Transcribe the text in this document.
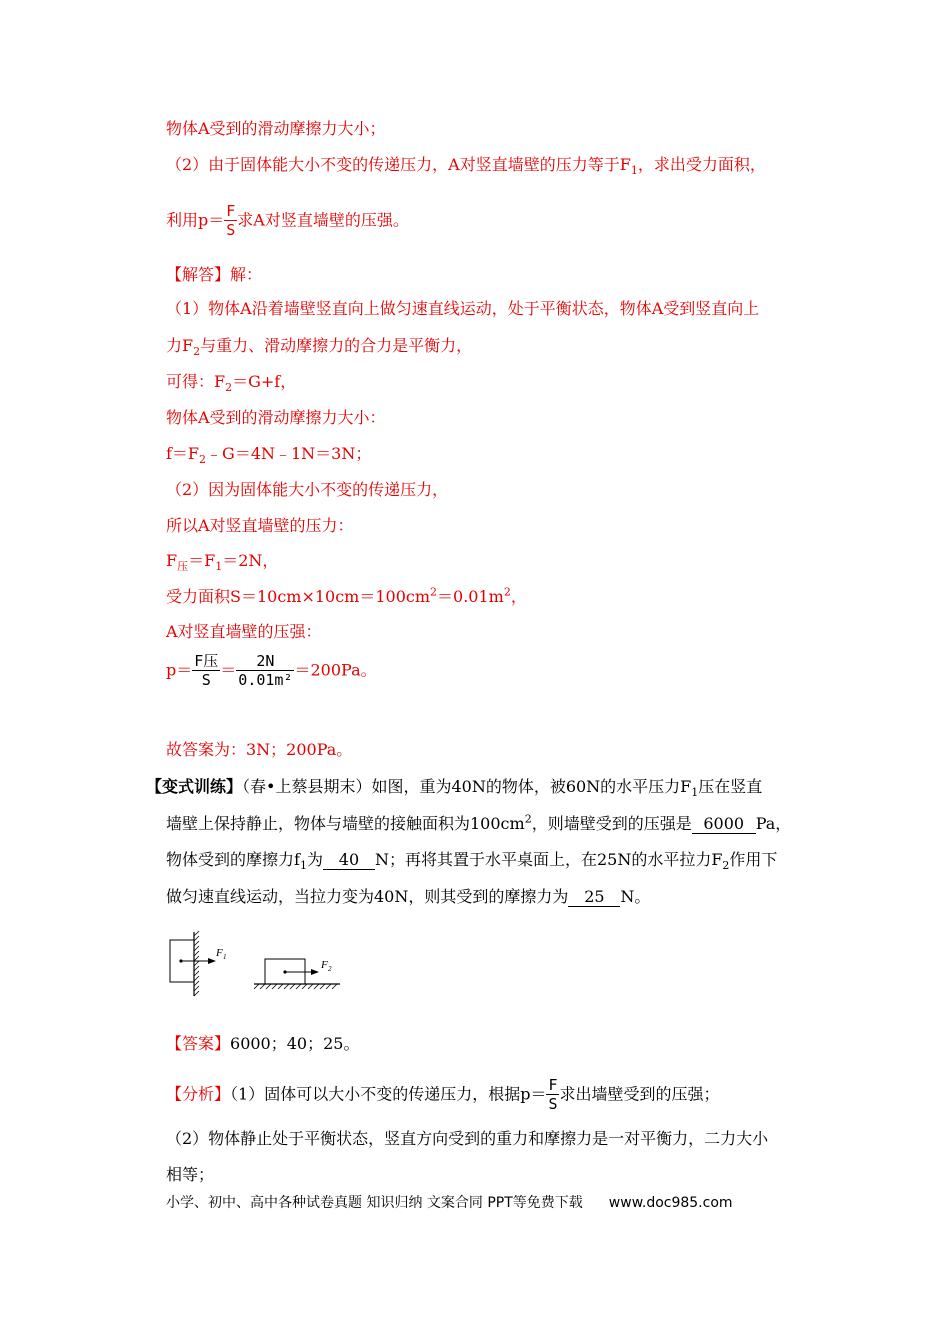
物体A受到的滑动摩擦力大小；
（2）由于固体能大小不变的传递压力，A对竖直墙壁的压力等于$F_1$，求出受力面积，
利用$p= \frac{F}{S}$ 求A对竖直墙壁的压强。
【解答】解：
（1）物体A沿着墙壁竖直向上做匀速直线运动，处于平衡状态，物体A受到竖直向上
力$F_2$与重力、滑动摩擦力的合力是平衡力，
可得：$F_2=G+f$，
物体A受到的滑动摩擦力大小：
$f=F_2﹣G=4N﹣1N=3N$；
（2）因为固体能大小不变的传递压力，
所以A对竖直墙壁的压力：
$F_压=F_1=2N$，
受力面积$S=10cm\times 10cm=100cm^2=0.01m^2$，
A对竖直墙壁的压强：
$p= \frac{\text{F压}}{S} = \frac{2N}{\text{0.01m²}} =200Pa$。
故答案为：3N；200Pa。
【变式训练】（春•上蔡县期末）如图，重为40N的物体，被60N的水平压力$F_1$压在竖直
墙壁上保持静止，物体与墙壁的接触面积为$100cm^2$，则墙壁受到的压强是 6000 Pa，
物体受到的摩擦力$f_1$为 40 N；再将其置于水平桌面上，在25N的水平拉力$F_2$作用下
做匀速直线运动，当拉力变为40N，则其受到的摩擦力为 25 N。
F 1
F 2
【答案】6000；40；25。
【分析】（1）固体可以大小不变的传递压力，根据$p= \frac{F}{S}$ 求出墙壁受到的压强；
（2）物体静止处于平衡状态，竖直方向受到的重力和摩擦力是一对平衡力，二力大小
相等；
小学、初中、高中各种试卷真题 知识归纳 文案合同 PPT等免费下载 www.doc985.com
